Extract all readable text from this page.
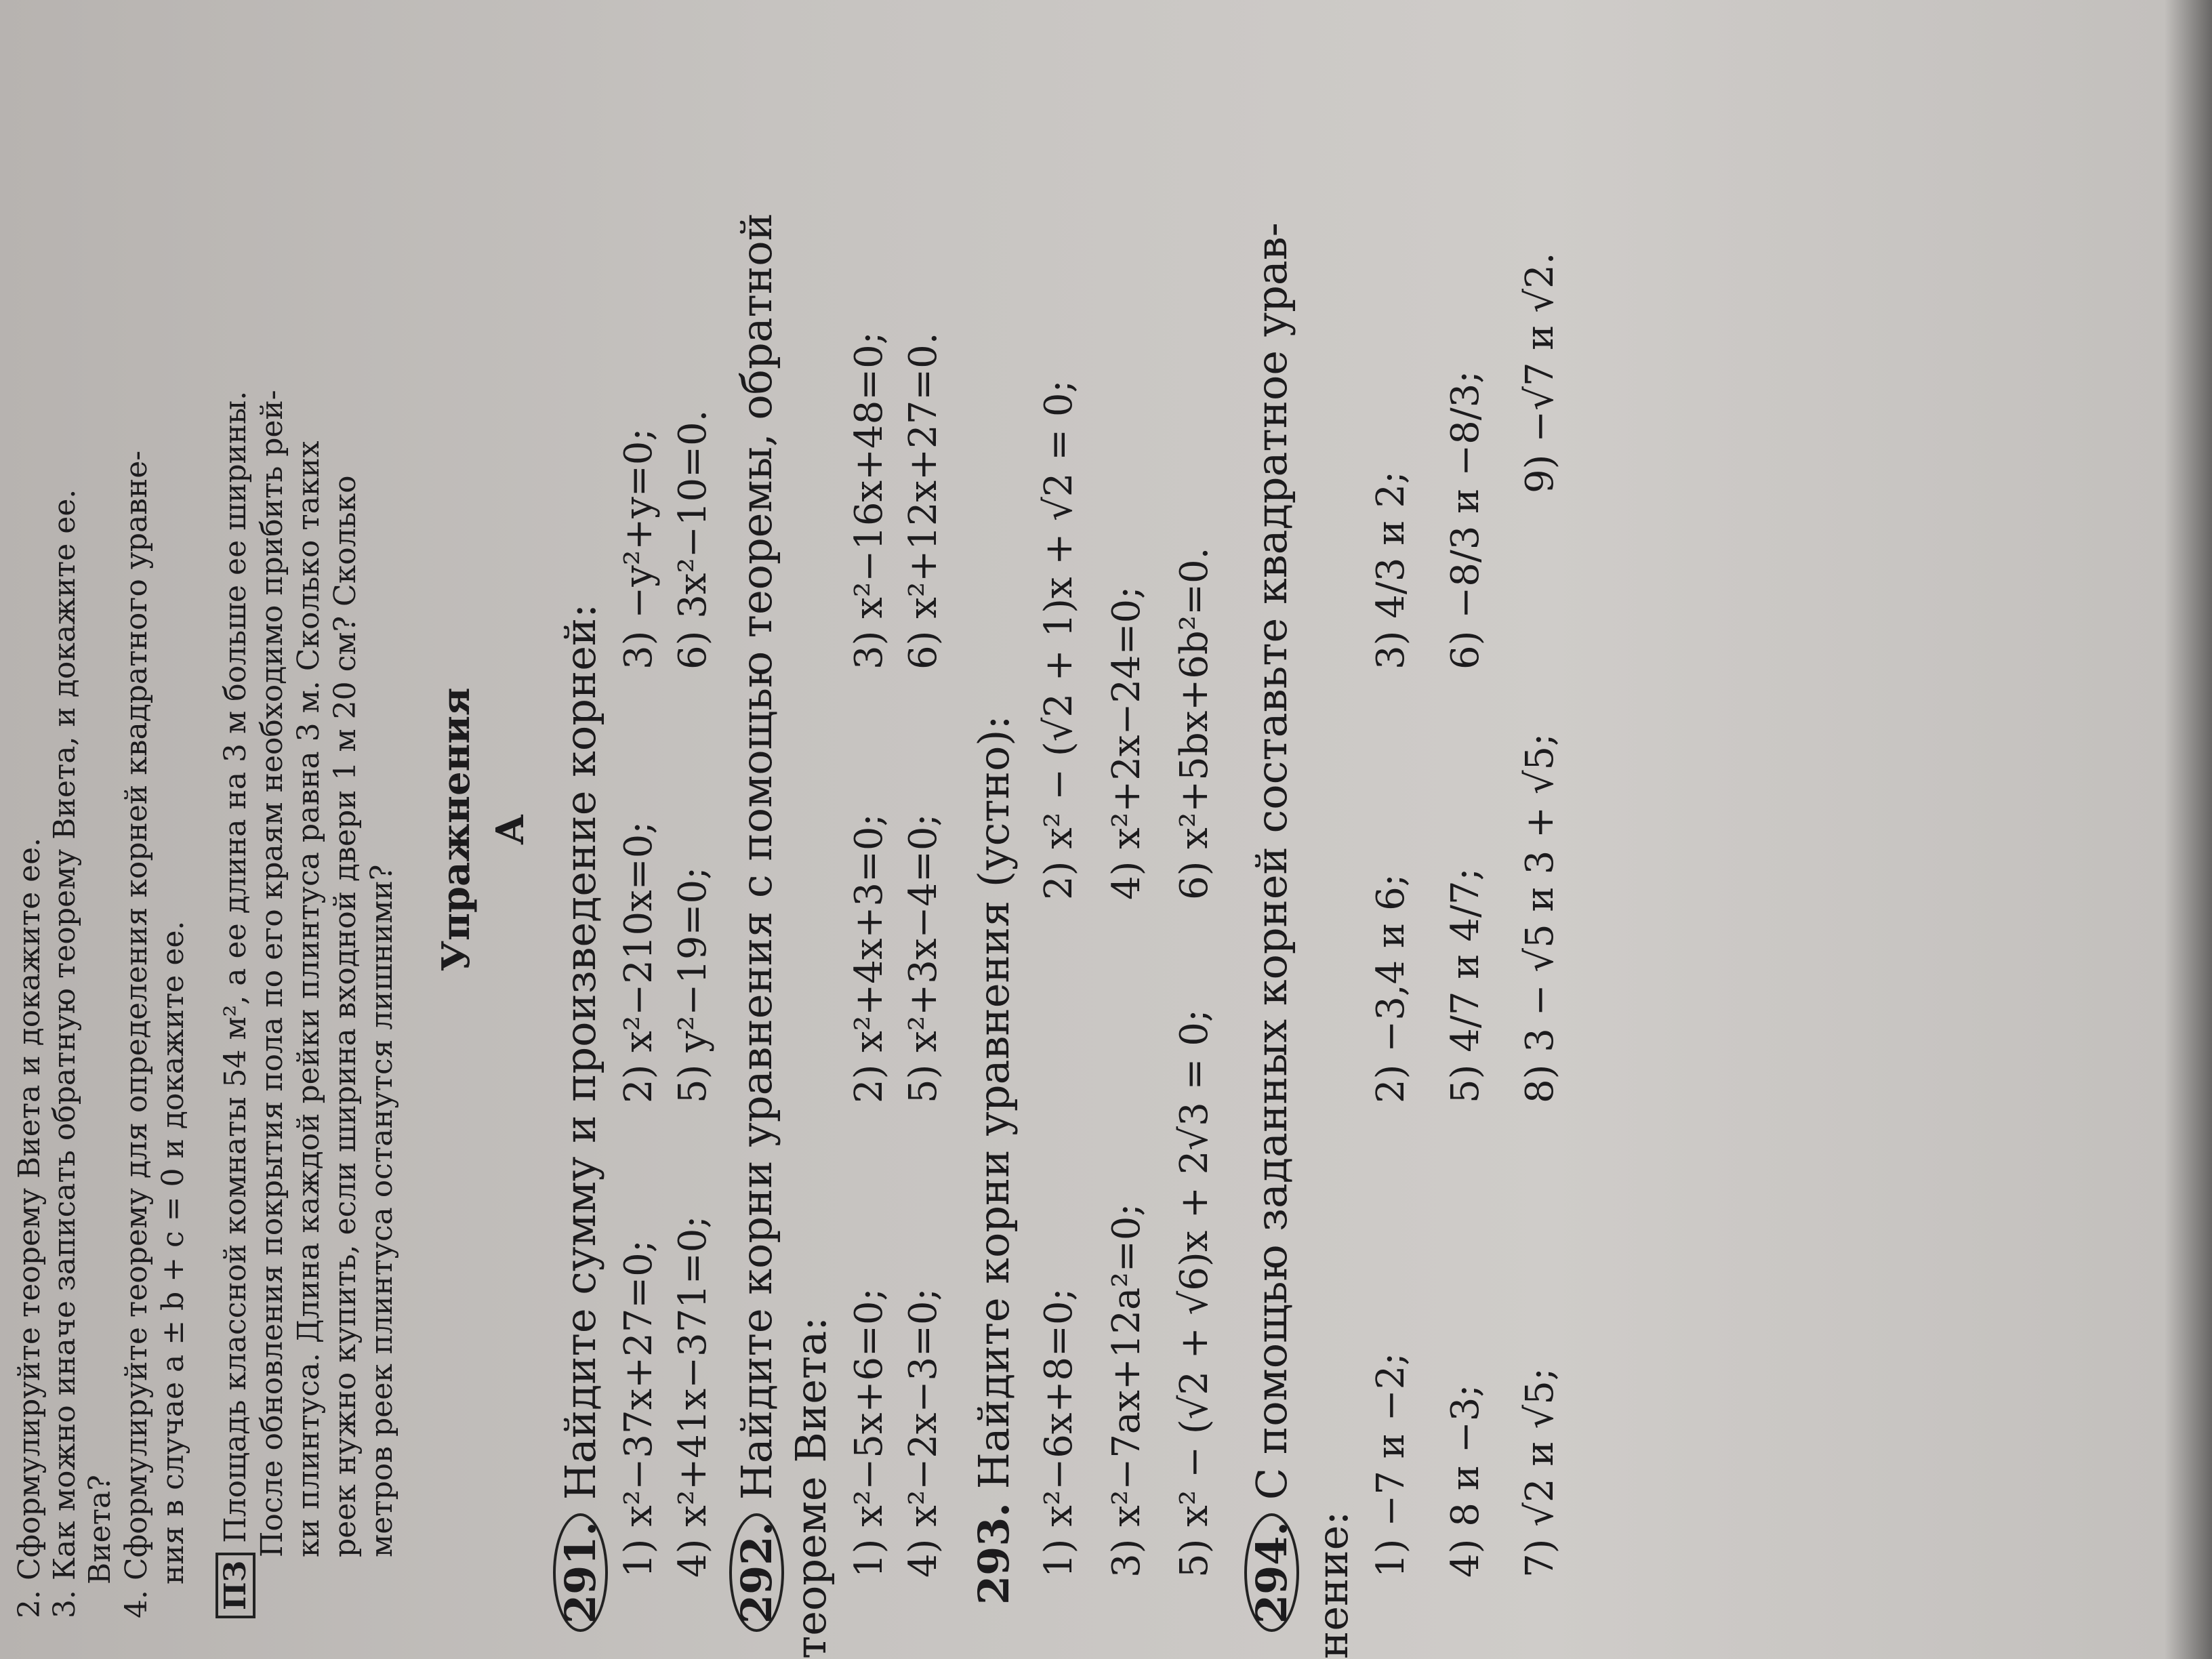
2. Сформулируйте теорему Виета и докажите ее. 3. Как можно иначе записать обратную теорему Виета, и докажите ее. Виета? 4. Сформулируйте теорему для определения корней квадратного уравне- ния в случае a ± b + c = 0 и докажите ее.
ПЗПлощадь классной комнаты 54 м², а ее длина на 3 м больше ее ширины. После обновления покрытия пола по его краям необходимо прибить рей- ки плинтуса. Длина каждой рейки плинтуса равна 3 м. Сколько таких реек нужно купить, если ширина входной двери 1 м 20 см? Сколько метров реек плинтуса останутся лишними?
Упражнения А
291. Найдите сумму и произведение корней: 1) x²−37x+27=0;2) x²−210x=0;3) −y²+y=0;
4) x²+41x−371=0;5) y²−19=0;6) 3x²−10=0.
292. Найдите корни уравнения с помощью теоремы, обратной теореме Виета: 1) x²−5x+6=0;2) x²+4x+3=0;3) x²−16x+48=0;
4) x²−2x−3=0;5) x²+3x−4=0;6) x²+12x+27=0.
293. Найдите корни уравнения (устно): 1) x²−6x+8=0;2) x² − (√2 + 1)x + √2 = 0;
3) x²−7ax+12a²=0;4) x²+2x−24=0;
5) x² − (√2 + √6)x + 2√3 = 0;6) x²+5bx+6b²=0.
294. С помощью заданных корней составьте квадратное урав-
нение:
1) −7 и −2;2) −3,4 и 6;3) 4/3 и 2;
4) 8 и −3;5) 4/7 и 4/7;6) −8/3 и −8/3;
7) √2 и √5;8) 3 − √5 и 3 + √5;9) −√7 и √2.
